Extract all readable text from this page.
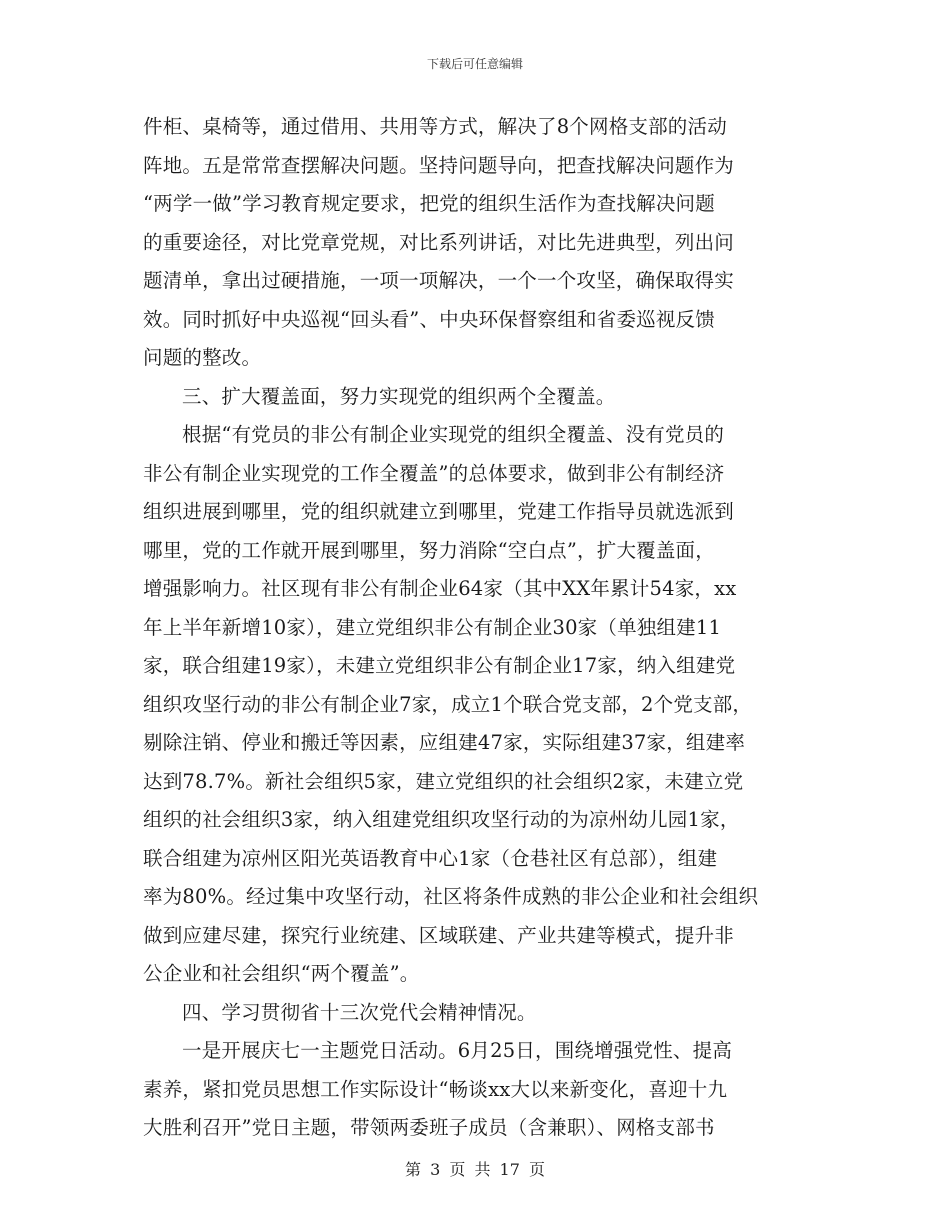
下载后可任意编辑
件柜、桌椅等，通过借用、共用等方式，解决了8个网格支部的活动
阵地。五是常常查摆解决问题。坚持问题导向，把查找解决问题作为
“两学一做”学习教育规定要求，把党的组织生活作为查找解决问题
的重要途径，对比党章党规，对比系列讲话，对比先进典型，列出问
题清单，拿出过硬措施，一项一项解决，一个一个攻坚，确保取得实
效。同时抓好中央巡视“回头看”、中央环保督察组和省委巡视反馈
问题的整改。
三、扩大覆盖面，努力实现党的组织两个全覆盖。
根据“有党员的非公有制企业实现党的组织全覆盖、没有党员的
非公有制企业实现党的工作全覆盖”的总体要求，做到非公有制经济
组织进展到哪里，党的组织就建立到哪里，党建工作指导员就选派到
哪里，党的工作就开展到哪里，努力消除“空白点”，扩大覆盖面，
增强影响力。社区现有非公有制企业64家（其中XX年累计54家，xx
年上半年新增10家），建立党组织非公有制企业30家（单独组建11
家，联合组建19家），未建立党组织非公有制企业17家，纳入组建党
组织攻坚行动的非公有制企业7家，成立1个联合党支部，2个党支部，
剔除注销、停业和搬迁等因素，应组建47家，实际组建37家，组建率
达到78.7%。新社会组织5家，建立党组织的社会组织2家，未建立党
组织的社会组织3家，纳入组建党组织攻坚行动的为凉州幼儿园1家，
联合组建为凉州区阳光英语教育中心1家（仓巷社区有总部），组建
率为80%。经过集中攻坚行动，社区将条件成熟的非公企业和社会组织
做到应建尽建，探究行业统建、区域联建、产业共建等模式，提升非
公企业和社会组织“两个覆盖”。
四、学习贯彻省十三次党代会精神情况。
一是开展庆七一主题党日活动。6月25日，围绕增强党性、提高
素养，紧扣党员思想工作实际设计“畅谈xx大以来新变化，喜迎十九
大胜利召开”党日主题，带领两委班子成员（含兼职）、网格支部书
第 3 页 共 17 页
